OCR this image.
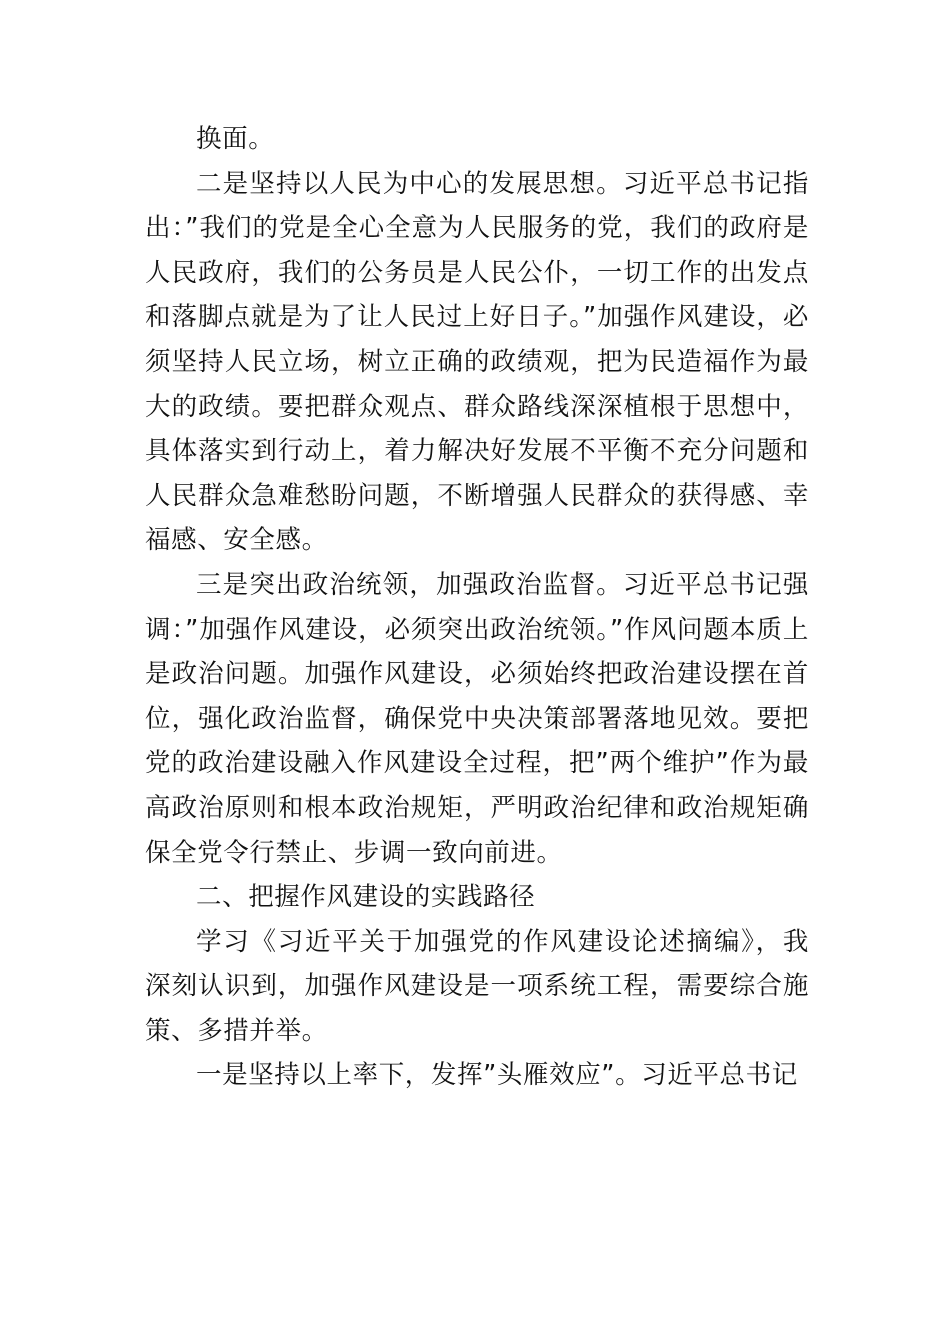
换面。

二是坚持以人民为中心的发展思想。习近平总书记指出：”我们的党是全心全意为人民服务的党，我们的政府是人民政府，我们的公务员是人民公仆，一切工作的出发点和落脚点就是为了让人民过上好日子。”加强作风建设，必须坚持人民立场，树立正确的政绩观，把为民造福作为最大的政绩。要把群众观点、群众路线深深植根于思想中，具体落实到行动上，着力解决好发展不平衡不充分问题和人民群众急难愁盼问题，不断增强人民群众的获得感、幸福感、安全感。

三是突出政治统领，加强政治监督。习近平总书记强调：”加强作风建设，必须突出政治统领。”作风问题本质上是政治问题。加强作风建设，必须始终把政治建设摆在首位，强化政治监督，确保党中央决策部署落地见效。要把党的政治建设融入作风建设全过程，把”两个维护”作为最高政治原则和根本政治规矩，严明政治纪律和政治规矩确保全党令行禁止、步调一致向前进。

二、把握作风建设的实践路径

学习《习近平关于加强党的作风建设论述摘编》，我深刻认识到，加强作风建设是一项系统工程，需要综合施策、多措并举。

一是坚持以上率下，发挥”头雁效应”。习近平总书记
